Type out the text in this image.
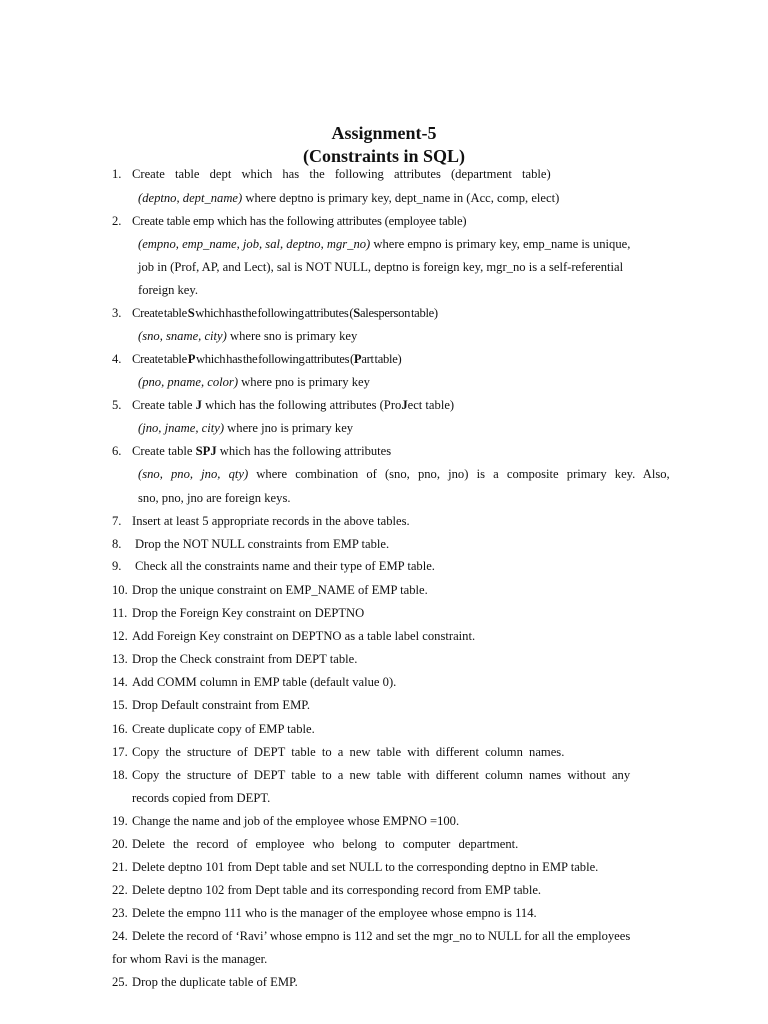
Assignment-5
(Constraints in SQL)
1. Create table dept which has the following attributes (department table)
(deptno, dept_name) where deptno is primary key, dept_name in (Acc, comp, elect)
2. Create table emp which has the following attributes (employee table)
(empno, emp_name, job, sal, deptno, mgr_no) where empno is primary key, emp_name is unique,
job in (Prof, AP, and Lect), sal is NOT NULL, deptno is foreign key, mgr_no is a self-referential
foreign key.
3. Create table S which has the following attributes (Salesperson table)
(sno, sname, city) where sno is primary key
4. Create table P which has the following attributes (Part table)
(pno, pname, color) where pno is primary key
5. Create table J which has the following attributes (ProJect table)
(jno, jname, city) where jno is primary key
6. Create table SPJ which has the following attributes
(sno, pno, jno, qty) where combination of (sno, pno, jno) is a composite primary key. Also,
sno, pno, jno are foreign keys.
7. Insert at least 5 appropriate records in the above tables.
8. Drop the NOT NULL constraints from EMP table.
9. Check all the constraints name and their type of EMP table.
10. Drop the unique constraint on EMP_NAME of EMP table.
11. Drop the Foreign Key constraint on DEPTNO
12. Add Foreign Key constraint on DEPTNO as a table label constraint.
13. Drop the Check constraint from DEPT table.
14. Add COMM column in EMP table (default value 0).
15. Drop Default constraint from EMP.
16. Create duplicate copy of EMP table.
17. Copy the structure of DEPT table to a new table with different column names.
18. Copy the structure of DEPT table to a new table with different column names without any
records copied from DEPT.
19. Change the name and job of the employee whose EMPNO =100.
20. Delete the record of employee who belong to computer department.
21. Delete deptno 101 from Dept table and set NULL to the corresponding deptno in EMP table.
22. Delete deptno 102 from Dept table and its corresponding record from EMP table.
23. Delete the empno 111 who is the manager of the employee whose empno is 114.
24. Delete the record of ‘Ravi’ whose empno is 112 and set the mgr_no to NULL for all the employees
for whom Ravi is the manager.
25. Drop the duplicate table of EMP.
